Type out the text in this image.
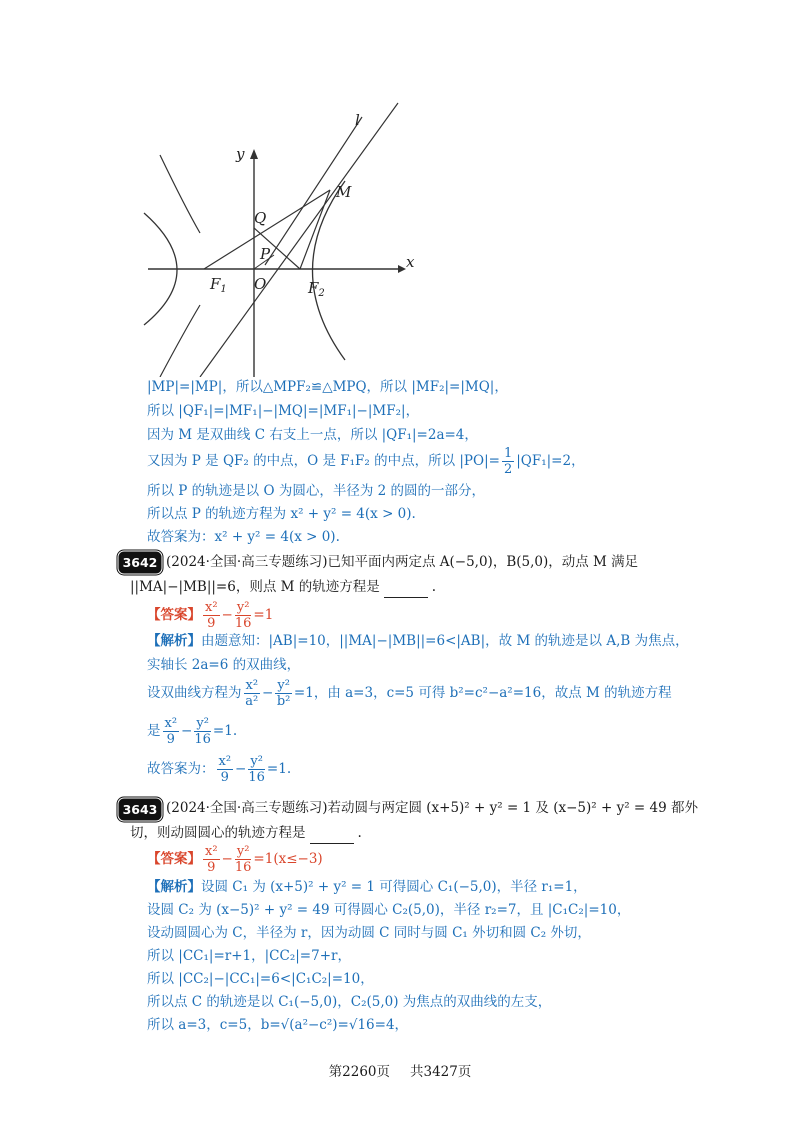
y
x
l
M
Q
P
O
$F_1$	$F_2$
|MP|=|MP|，所以△MPF₂≌△MPQ，所以 |MF₂|=|MQ|，
所以 |QF₁|=|MF₁|−|MQ|=|MF₁|−|MF₂|，
因为 M 是双曲线 C 右支上一点，所以 |QF₁|=2a=4，
又因为 P 是 QF₂ 的中点，O 是 F₁F₂ 的中点，所以 $|PO|= \frac{1}{2} |QF_1|=2$，
所以 P 的轨迹是以 O 为圆心，半径为 2 的圆的一部分，
所以点 P 的轨迹方程为 x² + y² = 4(x > 0).
故答案为：x² + y² = 4(x > 0).
3642 (2024·全国·高三专题练习)已知平面内两定点 A(−5,0)，B(5,0)，动点 M 满足
||MA|−|MB||=6，则点 M 的轨迹方程是	.
【答案】 $\frac{\text{x²}}{9} - \frac{\text{y²}}{16} =1$
【解析】由题意知：|AB|=10，||MA|−|MB||=6<|AB|，故 M 的轨迹是以 A,B 为焦点，
实轴长 2a=6 的双曲线，
设双曲线方程为 $\frac{\text{x²}}{\text{a²}} - \frac{\text{y²}}{\text{b²}} =1$，由 a=3，c=5 可得 b²=c²−a²=16，故点 M 的轨迹方程
是 $\frac{\text{x²}}{9} - \frac{\text{y²}}{16} =1$.
故答案为： $\frac{\text{x²}}{9} - \frac{\text{y²}}{16} =1$.
3643 (2024·全国·高三专题练习)若动圆与两定圆 (x+5)² + y² = 1 及 (x−5)² + y² = 49 都外
切，则动圆圆心的轨迹方程是	.
【答案】 $\frac{\text{x²}}{9} - \frac{\text{y²}}{16} =1(x\le-3)$
【解析】设圆 C₁ 为 (x+5)² + y² = 1 可得圆心 C₁(−5,0)，半径 r₁=1，
设圆 C₂ 为 (x−5)² + y² = 49 可得圆心 C₂(5,0)，半径 r₂=7，且 |C₁C₂|=10，
设动圆圆心为 C，半径为 r，因为动圆 C 同时与圆 C₁ 外切和圆 C₂ 外切，
所以 |CC₁|=r+1，|CC₂|=7+r，
所以 |CC₂|−|CC₁|=6<|C₁C₂|=10，
所以点 C 的轨迹是以 C₁(−5,0)，C₂(5,0) 为焦点的双曲线的左支，
所以 a=3，c=5，b=√(a²−c²)=√16=4，
第2260页 共3427页
